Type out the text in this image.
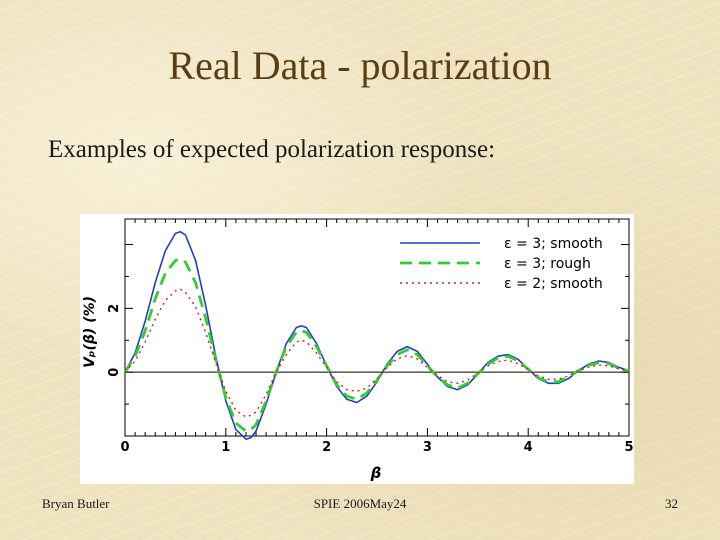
Real Data - polarization
Examples of expected polarization response:
0	1	2	3	4	5
0
2
ε = 3; smooth
ε = 3; rough
ε = 2; smooth
β
Vₚ(β) (%)
Bryan Butler	SPIE 2006May24	32
